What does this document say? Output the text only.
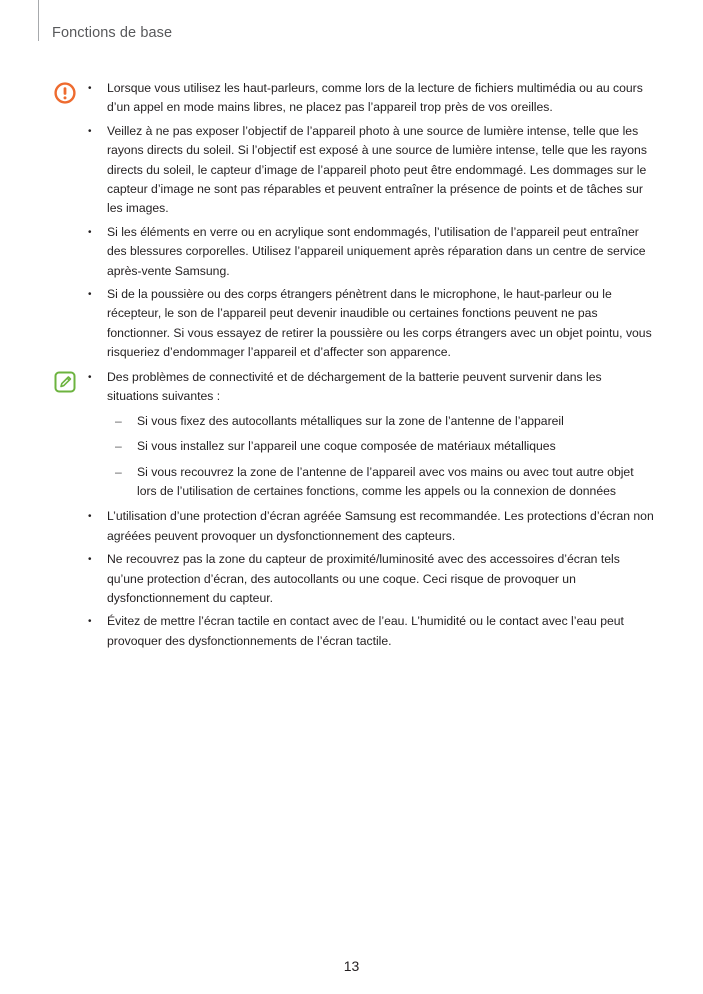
Fonctions de base
• Lorsque vous utilisez les haut-parleurs, comme lors de la lecture de fichiers multimédia ou au cours d’un appel en mode mains libres, ne placez pas l’appareil trop près de vos oreilles.
• Veillez à ne pas exposer l’objectif de l’appareil photo à une source de lumière intense, telle que les rayons directs du soleil. Si l’objectif est exposé à une source de lumière intense, telle que les rayons directs du soleil, le capteur d’image de l’appareil photo peut être endommagé. Les dommages sur le capteur d’image ne sont pas réparables et peuvent entraîner la présence de points et de tâches sur les images.
• Si les éléments en verre ou en acrylique sont endommagés, l’utilisation de l’appareil peut entraîner des blessures corporelles. Utilisez l’appareil uniquement après réparation dans un centre de service après-vente Samsung.
• Si de la poussière ou des corps étrangers pénètrent dans le microphone, le haut-parleur ou le récepteur, le son de l’appareil peut devenir inaudible ou certaines fonctions peuvent ne pas fonctionner. Si vous essayez de retirer la poussière ou les corps étrangers avec un objet pointu, vous risqueriez d’endommager l’appareil et d’affecter son apparence.
• Des problèmes de connectivité et de déchargement de la batterie peuvent survenir dans les situations suivantes :
– Si vous fixez des autocollants métalliques sur la zone de l’antenne de l’appareil
– Si vous installez sur l’appareil une coque composée de matériaux métalliques
– Si vous recouvrez la zone de l’antenne de l’appareil avec vos mains ou avec tout autre objet lors de l’utilisation de certaines fonctions, comme les appels ou la connexion de données
• L’utilisation d’une protection d’écran agréée Samsung est recommandée. Les protections d’écran non agréées peuvent provoquer un dysfonctionnement des capteurs.
• Ne recouvrez pas la zone du capteur de proximité/luminosité avec des accessoires d’écran tels qu’une protection d’écran, des autocollants ou une coque. Ceci risque de provoquer un dysfonctionnement du capteur.
• Évitez de mettre l’écran tactile en contact avec de l’eau. L’humidité ou le contact avec l’eau peut provoquer des dysfonctionnements de l’écran tactile.
13
